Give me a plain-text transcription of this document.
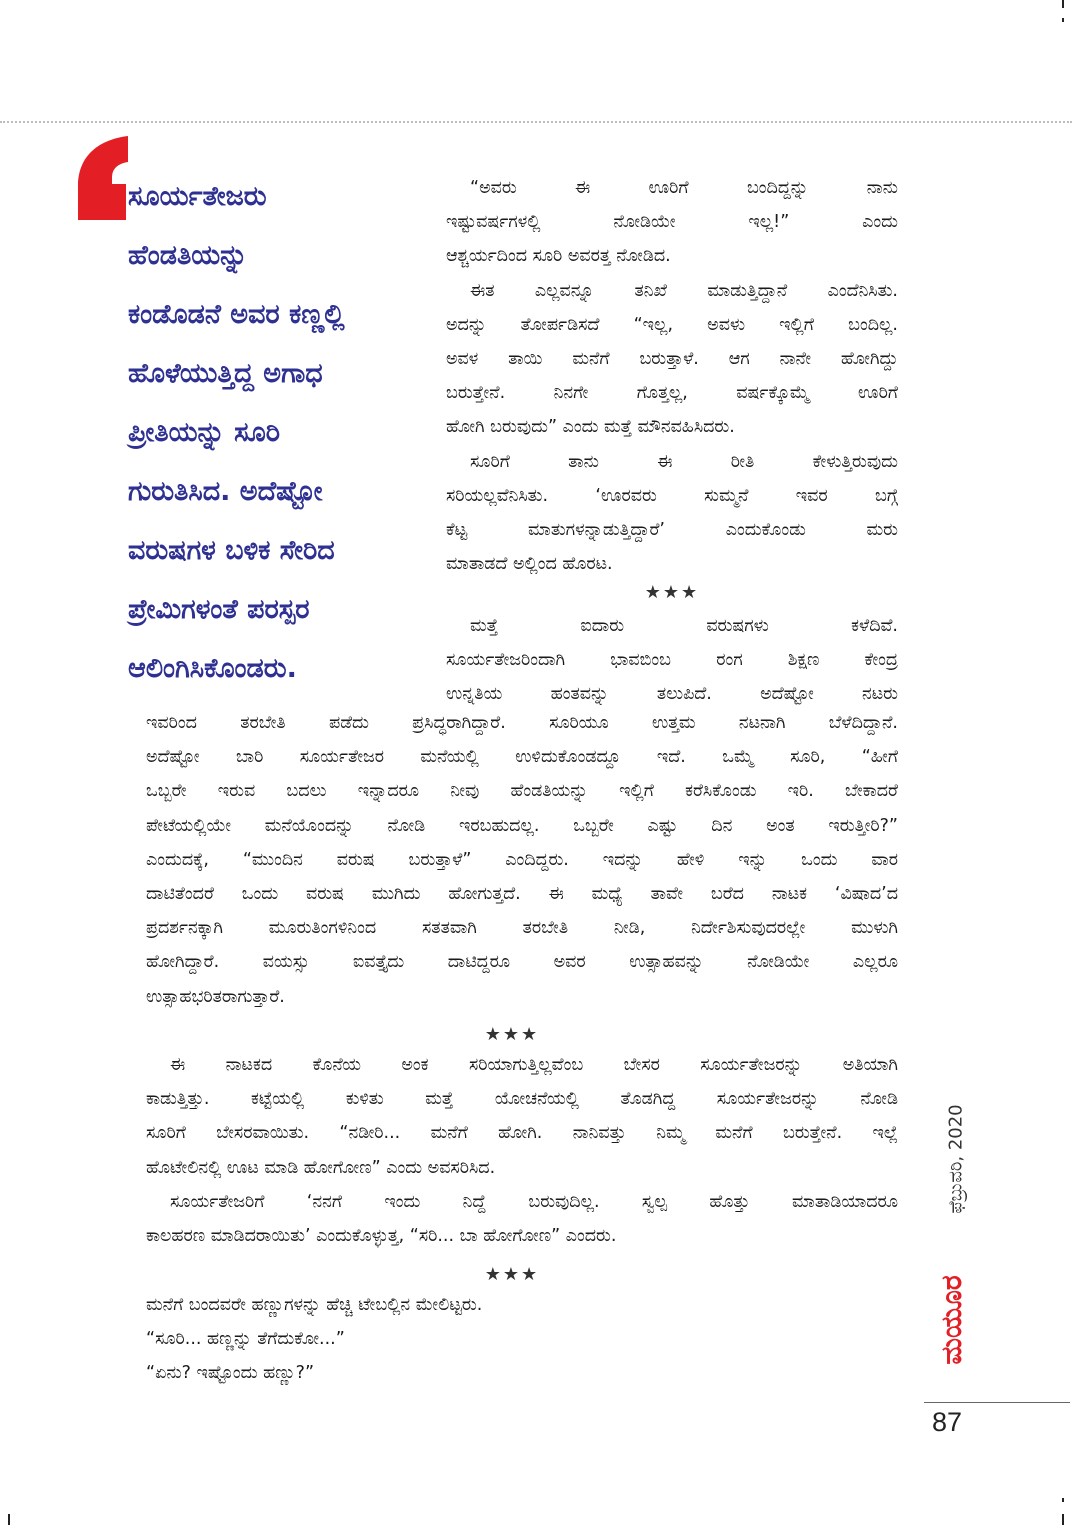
ಸೂರ್ಯತೇಜರು
ಹೆಂಡತಿಯನ್ನು
ಕಂಡೊಡನೆ ಅವರ ಕಣ್ಣಲ್ಲಿ
ಹೊಳೆಯುತ್ತಿದ್ದ ಅಗಾಧ
ಪ್ರೀತಿಯನ್ನು ಸೂರಿ
ಗುರುತಿಸಿದ. ಅದೆಷ್ಟೋ
ವರುಷಗಳ ಬಳಿಕ ಸೇರಿದ
ಪ್ರೇಮಿಗಳಂತೆ ಪರಸ್ಪರ
ಆಲಿಂಗಿಸಿಕೊಂಡರು.
“ಅವರು ಈ ಊರಿಗೆ ಬಂದಿದ್ದನ್ನು ನಾನು
ಇಷ್ಟುವರ್ಷಗಳಲ್ಲಿ ನೋಡಿಯೇ ಇಲ್ಲ!” ಎಂದು
ಆಶ್ಚರ್ಯದಿಂದ ಸೂರಿ ಅವರತ್ತ ನೋಡಿದ.
ಈತ ಎಲ್ಲವನ್ನೂ ತನಿಖೆ ಮಾಡುತ್ತಿದ್ದಾನೆ ಎಂದೆನಿಸಿತು.
ಅದನ್ನು ತೋರ್ಪಡಿಸದೆ “ಇಲ್ಲ, ಅವಳು ಇಲ್ಲಿಗೆ ಬಂದಿಲ್ಲ.
ಅವಳ ತಾಯಿ ಮನೆಗೆ ಬರುತ್ತಾಳೆ. ಆಗ ನಾನೇ ಹೋಗಿದ್ದು
ಬರುತ್ತೇನೆ. ನಿನಗೇ ಗೊತ್ತಲ್ಲ, ವರ್ಷಕ್ಕೊಮ್ಮೆ ಊರಿಗೆ
ಹೋಗಿ ಬರುವುದು” ಎಂದು ಮತ್ತೆ ಮೌನವಹಿಸಿದರು.
ಸೂರಿಗೆ ತಾನು ಈ ರೀತಿ ಕೇಳುತ್ತಿರುವುದು
ಸರಿಯಲ್ಲವೆನಿಸಿತು. ‘ಊರವರು ಸುಮ್ಮನೆ ಇವರ ಬಗ್ಗೆ
ಕೆಟ್ಟ ಮಾತುಗಳನ್ನಾಡುತ್ತಿದ್ದಾರೆ’ ಎಂದುಕೊಂಡು ಮರು
ಮಾತಾಡದೆ ಅಲ್ಲಿಂದ ಹೊರಟ.
★★★
ಮತ್ತೆ ಐದಾರು ವರುಷಗಳು ಕಳೆದಿವೆ.
ಸೂರ್ಯತೇಜರಿಂದಾಗಿ ಭಾವಬಿಂಬ ರಂಗ ಶಿಕ್ಷಣ ಕೇಂದ್ರ
ಉನ್ನತಿಯ ಹಂತವನ್ನು ತಲುಪಿದೆ. ಅದೆಷ್ಟೋ ನಟರು
ಇವರಿಂದ ತರಬೇತಿ ಪಡೆದು ಪ್ರಸಿದ್ಧರಾಗಿದ್ದಾರೆ. ಸೂರಿಯೂ ಉತ್ತಮ ನಟನಾಗಿ ಬೆಳೆದಿದ್ದಾನೆ.
ಅದೆಷ್ಟೋ ಬಾರಿ ಸೂರ್ಯತೇಜರ ಮನೆಯಲ್ಲಿ ಉಳಿದುಕೊಂಡದ್ದೂ ಇದೆ. ಒಮ್ಮೆ ಸೂರಿ, “ಹೀಗೆ
ಒಬ್ಬರೇ ಇರುವ ಬದಲು ಇನ್ನಾದರೂ ನೀವು ಹೆಂಡತಿಯನ್ನು ಇಲ್ಲಿಗೆ ಕರೆಸಿಕೊಂಡು ಇರಿ. ಬೇಕಾದರೆ
ಪೇಟೆಯಲ್ಲಿಯೇ ಮನೆಯೊಂದನ್ನು ನೋಡಿ ಇರಬಹುದಲ್ಲ. ಒಬ್ಬರೇ ಎಷ್ಟು ದಿನ ಅಂತ ಇರುತ್ತೀರಿ?”
ಎಂದುದಕ್ಕೆ, “ಮುಂದಿನ ವರುಷ ಬರುತ್ತಾಳೆ” ಎಂದಿದ್ದರು. ಇದನ್ನು ಹೇಳಿ ಇನ್ನು ಒಂದು ವಾರ
ದಾಟಿತೆಂದರೆ ಒಂದು ವರುಷ ಮುಗಿದು ಹೋಗುತ್ತದೆ. ಈ ಮಧ್ಯೆ ತಾವೇ ಬರೆದ ನಾಟಕ ‘ವಿಷಾದ’ದ
ಪ್ರದರ್ಶನಕ್ಕಾಗಿ ಮೂರುತಿಂಗಳಿನಿಂದ ಸತತವಾಗಿ ತರಬೇತಿ ನೀಡಿ, ನಿರ್ದೇಶಿಸುವುದರಲ್ಲೇ ಮುಳುಗಿ
ಹೋಗಿದ್ದಾರೆ. ವಯಸ್ಸು ಐವತ್ತೈದು ದಾಟಿದ್ದರೂ ಅವರ ಉತ್ಸಾಹವನ್ನು ನೋಡಿಯೇ ಎಲ್ಲರೂ
ಉತ್ಸಾಹಭರಿತರಾಗುತ್ತಾರೆ.
★★★
ಈ ನಾಟಕದ ಕೊನೆಯ ಅಂಕ ಸರಿಯಾಗುತ್ತಿಲ್ಲವೆಂಬ ಬೇಸರ ಸೂರ್ಯತೇಜರನ್ನು ಅತಿಯಾಗಿ
ಕಾಡುತ್ತಿತ್ತು. ಕಟ್ಟೆಯಲ್ಲಿ ಕುಳಿತು ಮತ್ತೆ ಯೋಚನೆಯಲ್ಲಿ ತೊಡಗಿದ್ದ ಸೂರ್ಯತೇಜರನ್ನು ನೋಡಿ
ಸೂರಿಗೆ ಬೇಸರವಾಯಿತು. “ನಡೀರಿ... ಮನೆಗೆ ಹೋಗಿ. ನಾನಿವತ್ತು ನಿಮ್ಮ ಮನೆಗೆ ಬರುತ್ತೇನೆ. ಇಲ್ಲೆ
ಹೊಟೇಲಿನಲ್ಲಿ ಊಟ ಮಾಡಿ ಹೋಗೋಣ” ಎಂದು ಅವಸರಿಸಿದ.
ಸೂರ್ಯತೇಜರಿಗೆ ‘ನನಗೆ ಇಂದು ನಿದ್ದೆ ಬರುವುದಿಲ್ಲ. ಸ್ವಲ್ಪ ಹೊತ್ತು ಮಾತಾಡಿಯಾದರೂ
ಕಾಲಹರಣ ಮಾಡಿದರಾಯಿತು’ ಎಂದುಕೊಳ್ಳುತ್ತ, “ಸರಿ... ಬಾ ಹೋಗೋಣ” ಎಂದರು.
★★★
ಮನೆಗೆ ಬಂದವರೇ ಹಣ್ಣುಗಳನ್ನು ಹೆಚ್ಚಿ ಟೇಬಲ್ಲಿನ ಮೇಲಿಟ್ಟರು.
“ಸೂರಿ... ಹಣ್ಣನ್ನು ತೆಗೆದುಕೋ...”
“ಏನು? ಇಷ್ಟೊಂದು ಹಣ್ಣು?”
ಫೆಬ್ರುವರಿ, 2020
ಮಯೂರ
87
